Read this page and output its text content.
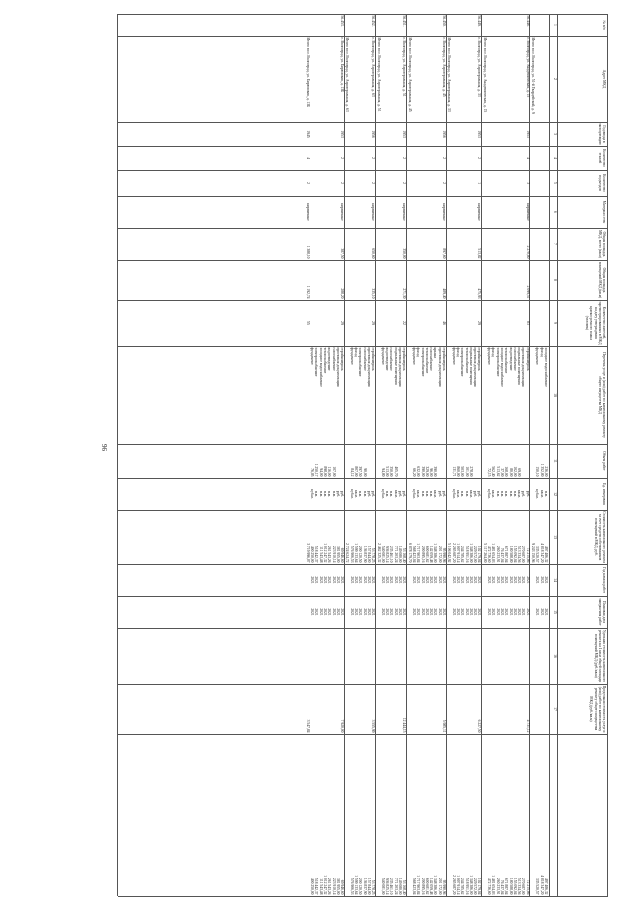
96
№ п/п
Адрес МКД
Год ввода в эксплуатацию
Количество этажей
Количество подъездов
Материал стен
Общая площадь МКД, всего (кв.м)
Общая площадь помещений МКД (кв.м)
Количество жителей, зарегистрированных в МКД на дату утверждения краткосрочного плана (человек)
Перечень услуг и (или) работ по капитальному ремонту общего имущества МКД
Объем работ
Ед. измерения
Стоимость капитального ремонта за счет средств собственников помещений в МКД, руб.
Год начала работ
Плановая дата завершения работ
Удельная стоимость капитального ремонта на 1 кв.м общей площади помещений МКД (руб./кв.м)
Предельная стоимость услуг и (или) работ по капитальному ремонту общего имущества МКД (руб./кв.м)
1
2
3
4
5
6
7
8
9
10
11
12
13
14
15
16
17
холодное водоснабжение
236,00
п.м.
497 486,32
2021
2021
497 486,32
фасад
1 352,80
кв.м.
4 818 347,20
2021
2021
4 818 347,20
фундамент
150,10
куб.м.
335 520,57
2021
2021
335 520,57
Итого по г. Волгоград, ул. 51-й Гвардейской, д. 9
9 243 150,96
56.448.
г. Волгоград, ул. Академическая, д. 15
1953
4
3
кирпичные
2 270,80
2 099,51
83
4 731,12
стройконтроль
руб.
72 215,86
2021
2021
72 215,86
проектная документация
руб.
270 687,00
2021
2021
270 687,00
подвальные помещения
69,00
кв.м.
513 334,56
2021
2021
513 334,56
газоснабжение
102,00
п.м.
155 092,04
2021
2021
155 092,04
водоотведение
80,00
п.м.
180 588,80
2021
2021
180 588,80
теплоснабжение
168,00
п.м.
671 887,04
2021
2021
671 887,04
холодное водоснабжение
37,00
п.м.
76 437,04
2021
2021
76 437,04
электроснабжение
513,62
п.м.
260 233,91
2021
2021
260 233,91
фасад
562,40
кв.м.
1 481 654,03
2021
2021
1 481 654,03
фундамент
72,15
куб.м.
472 736,60
2021
2021
472 736,60
Итого по г. Волгоград, ул. Академическая, д. 15
5 117 264,80
56.449.
г. Волгоград, ул. Аэрогерольная, д. 33
1953
2
1
кирпичные
513,82
475,93
29
6 227,50
стройконтроль
руб.
102 179,04
2021
2021
102 179,04
проектная документация
руб.
229 572,00
2021
2021
229 572,00
подвальные помещения
278,00
кв.м.
1 348 386,00
2021
2021
1 348 386,00
теплоснабжение
101,00
п.м.
518 951,16
2021
2021
518 951,16
электроснабжение
503,00
п.м.
244 785,62
2021
2021
244 785,62
фасад
860,00
кв.м.
1 007 914,14
2021
2021
1 007 914,14
фундамент
131,71
куб.м.
2 265 687,20
2021
2021
2 265 687,20
Итого по г. Волгоград, ул. Аэрогерольная, д. 33
5 106 042,92
56.450.
г. Волгоград, ул. Аэрогерольная, д. 45
1956
2
2
кирпичные
897,60
489,40
46
5 985,11
стройконтроль
руб.
95 990,96
2021
2021
95 990,96
проектная документация
руб.
201 172,00
2021
2021
201 172,00
крыша
390,00
кв.м.
1 348 386,00
2021
2021
1 348 386,00
газоснабжение
96,00
п.м.
142 059,48
2021
2021
142 059,48
теплоснабжение
329,00
п.м.
600 681,62
2021
2021
600 681,62
электроснабжение
390,00
п.м.
200 895,16
2021
2021
200 895,16
фасад
632,00
кв.м.
1 717 903,84
2021
2021
1 717 903,84
фундамент
66,20
куб.м.
568 423,04
2021
2021
568 423,04
Итого по г. Волгоград, ул. Аэрогерольная, д. 45
6 878 179,70
56.451.
г. Волгоград, ул. Аэрогерольная, д. 51
1953
2
2
кирпичные
350,00
271,30
22
12 444,15
стройконтроль
руб.
53 168,40
2021
2021
53 168,40
проектная документация
руб.
149 080,00
2021
2021
149 080,00
подвальные помещения
405,70
кв.м.
771 203,24
2021
2021
771 203,24
газоснабжение
350,00
п.м.
235 461,10
2021
2021
235 461,10
водоотведение
513,00
п.м.
936 825,14
2021
2021
936 825,14
фундамент
94,80
куб.м.
540 081,00
2021
2021
540 081,00
Итого по г. Волгоград, ул. Аэрогерольная, д. 51
2 462 325,32
56.452.
г. Волгоград, ул. Аэрогерольная, д. 63
1956
2
2
кирпичные
650,60
335,10
29
3 555,99
стройконтроль
руб.
53 778,25
2021
2021
53 778,25
проектная документация
руб.
157 844,00
2021
2021
157 844,00
газоснабжение
90,00
п.м.
136 837,90
2021
2021
136 837,90
электроснабжение
397,50
п.м.
200 120,50
2021
2021
200 120,50
фасад
807,00
кв.м.
1 599 133,64
2021
2021
1 599 133,64
фундамент
84,12
куб.м.
576 906,53
2021
2021
576 906,53
Итого по г. Волгоград, ул. Аэрогерольная, д. 63
2 724 624,72
56.453.
г. Волгоград, ул. Бирюзовая, д. 13Б
1953
2
2
кирпичные
387,50
288,20
29
7 920,00
стройконтроль
руб.
69 946,60
2021
2021
69 946,60
проектная документация
руб.
381 955,00
2021
2021
381 955,00
газоснабжение
107,00
п.м.
223 910,14
2021
2021
223 910,14
водоотведение
116,00
п.м.
261 543,26
2021
2021
261 543,26
теплоснабжение
898,00
п.м.
1 012 247,32
2021
2021
1 012 247,32
холодное водоснабжение
94,00
п.м.
111 543,48
2021
2021
111 543,48
электроснабжение
1 250,17
п.м.
518 442,37
2021
2021
518 442,37
фундамент
76,05
куб.м.
400 250,00
2021
2021
400 250,00
Итого по г. Волгоград, ул. Бирюзовая, д. 13Б
1945
4
2
кирпичные
1 388,10
1 192,74
55
3 719 996,07
3 547,84
